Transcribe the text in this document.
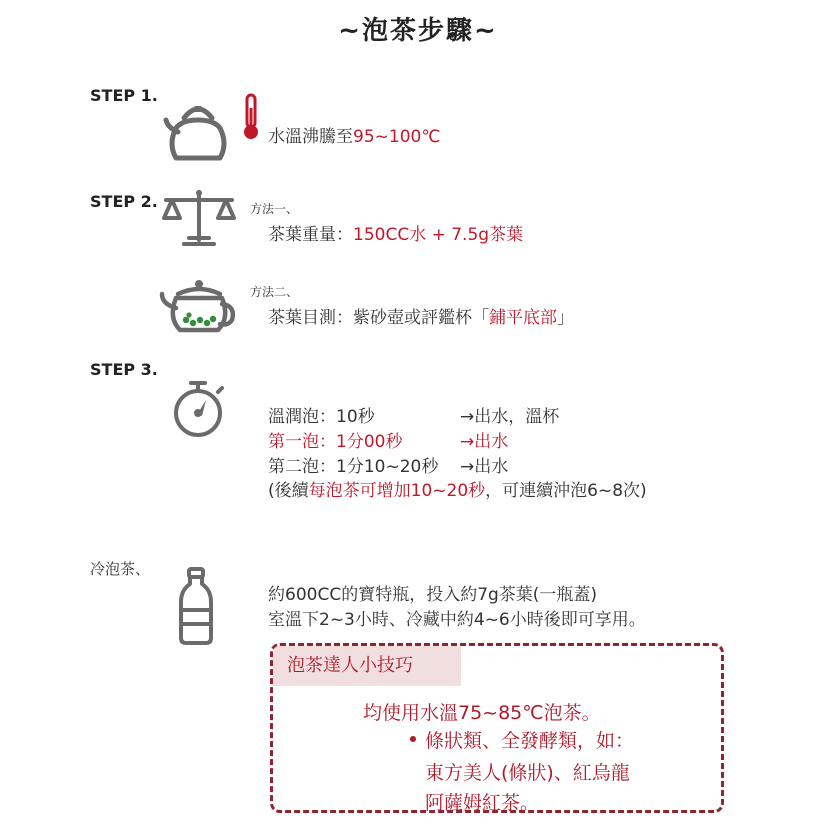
~泡茶步驟~
STEP 1.
水溫沸騰至95~100℃
STEP 2.	方法一、
茶葉重量：150CC水 + 7.5g茶葉
方法二、
茶葉目測：紫砂壺或評鑑杯「鋪平底部」
STEP 3.
溫潤泡：10秒	→出水，溫杯
第一泡：1分00秒	→出水
第二泡：1分10~20秒 →出水
(後續每泡茶可增加10~20秒，可連續沖泡6~8次)
冷泡茶、
約600CC的寶特瓶，投入約7g茶葉(一瓶蓋)
室溫下2~3小時、冷藏中約4~6小時後即可享用。
泡茶達人小技巧
均使用水溫75~85℃泡茶。
條狀類、全發酵類，如：
東方美人(條狀)、紅烏龍
阿薩姆紅茶。
